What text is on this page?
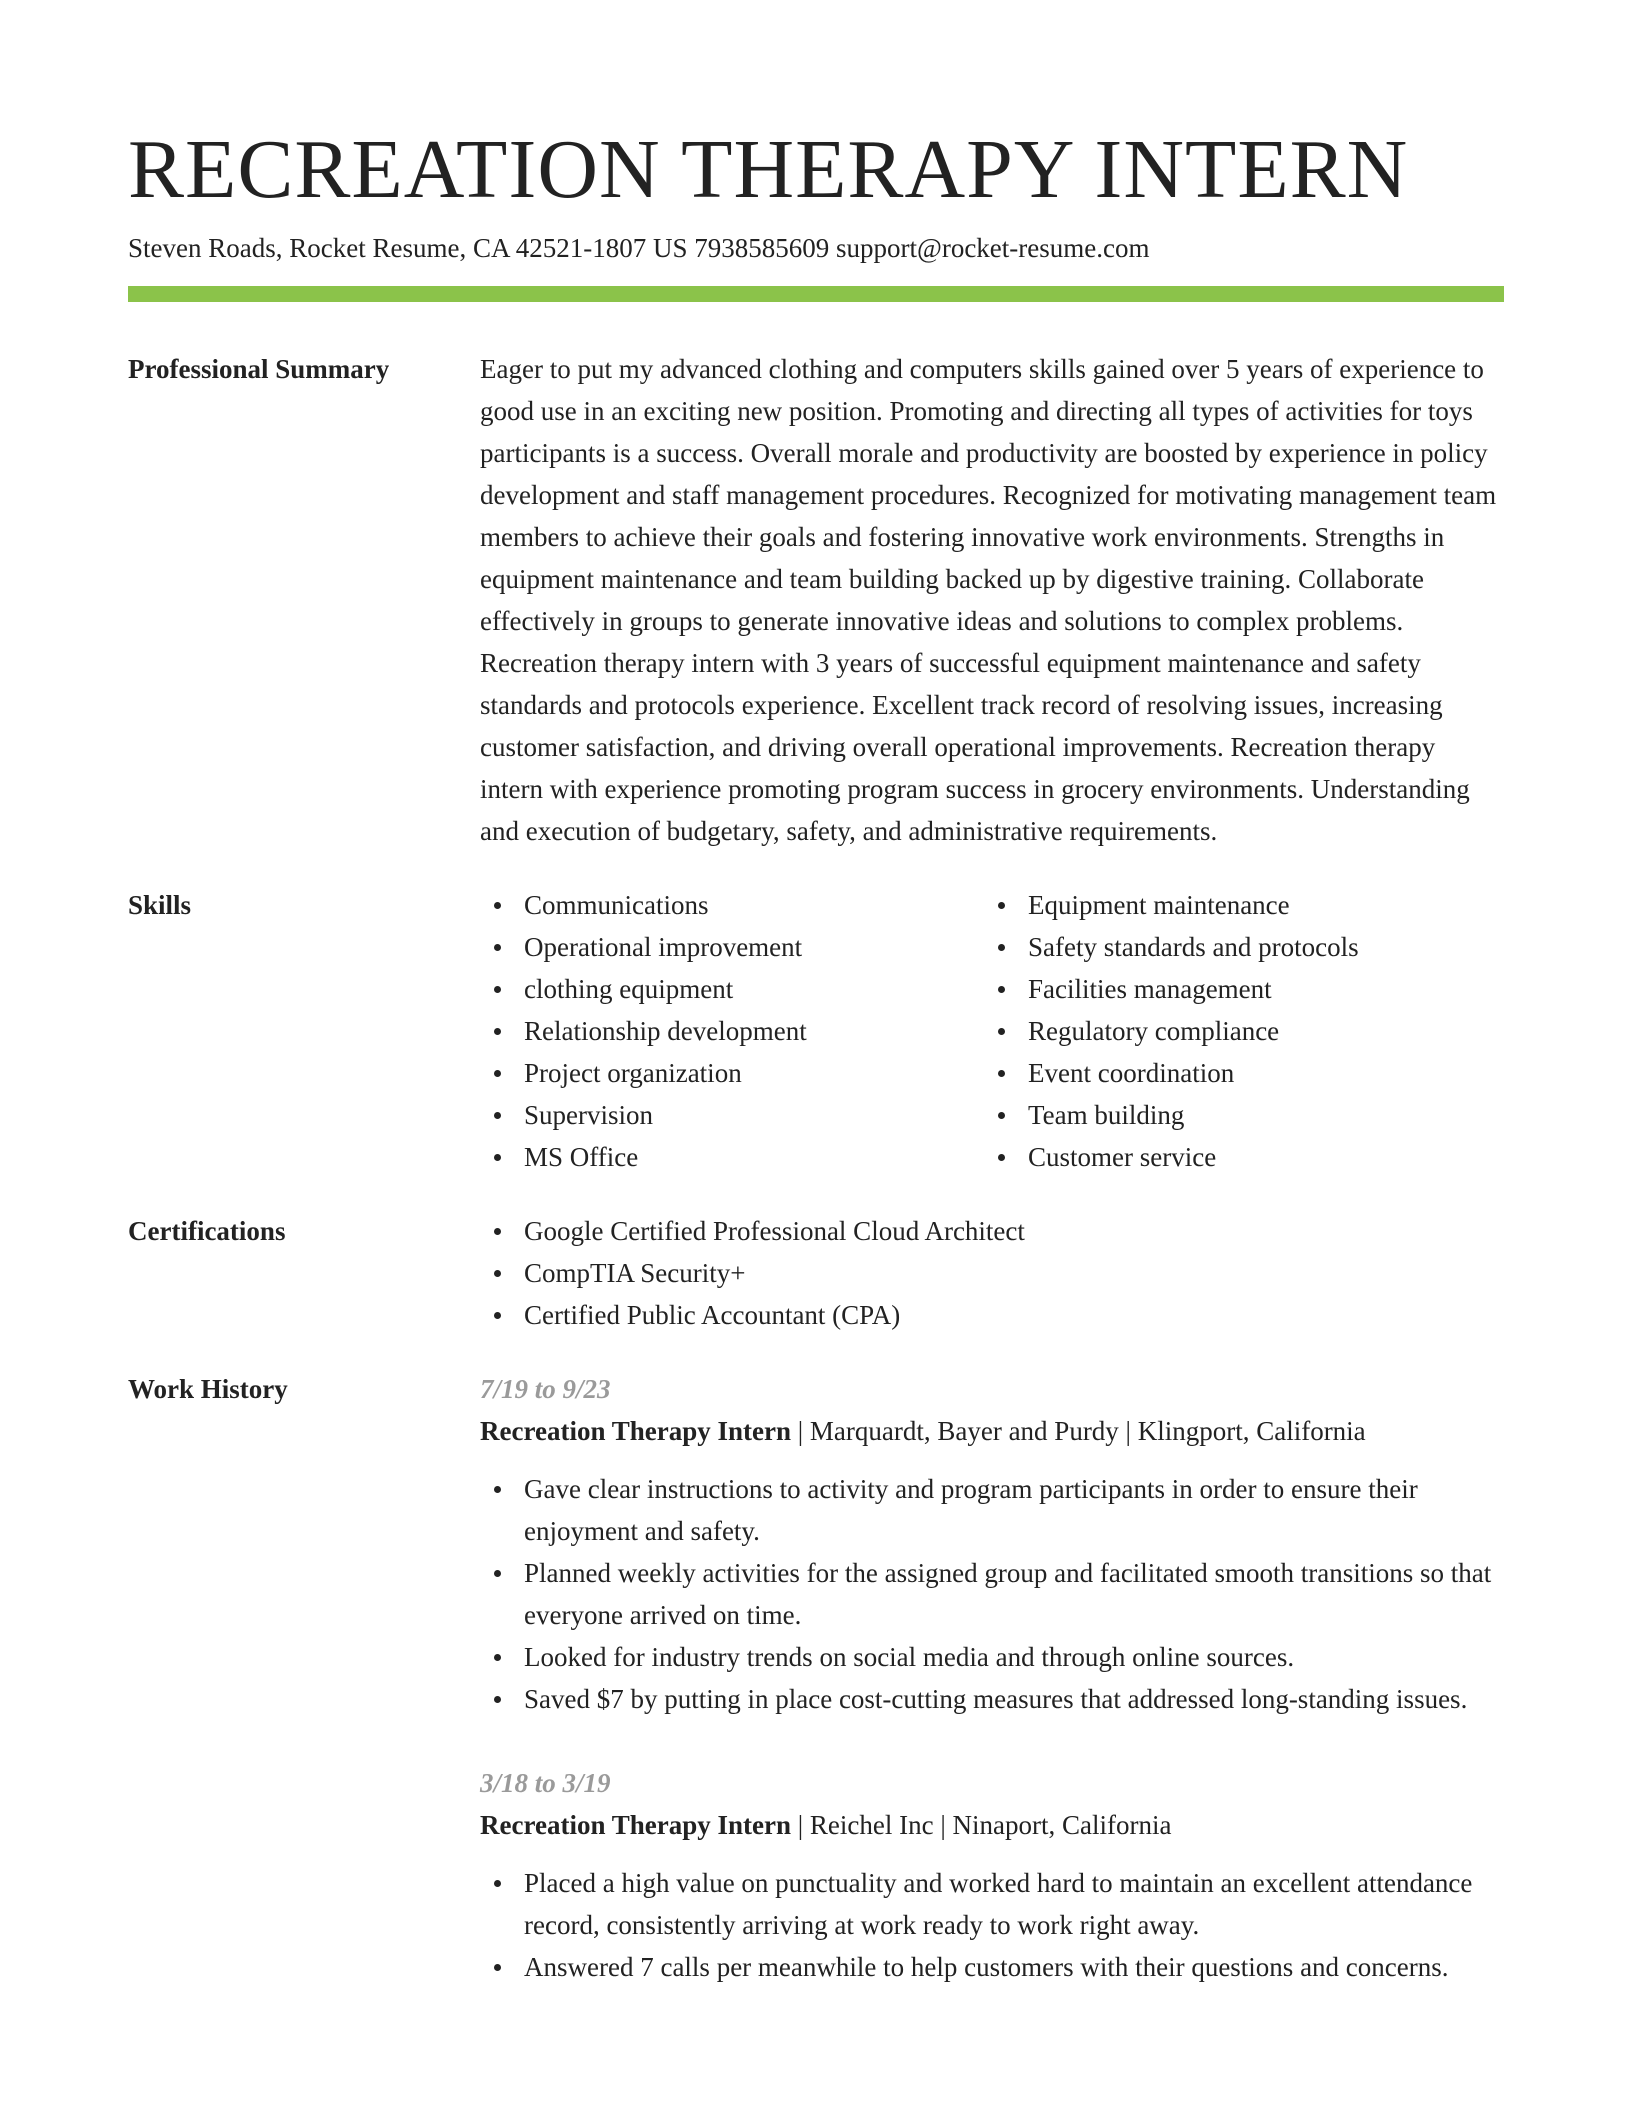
RECREATION THERAPY INTERN
Steven Roads, Rocket Resume, CA 42521-1807 US 7938585609 support@rocket-resume.com
Professional Summary	Eager to put my advanced clothing and computers skills gained over 5 years of experience to good use in an exciting new position. Promoting and directing all types of activities for toys participants is a success. Overall morale and productivity are boosted by experience in policy development and staff management procedures. Recognized for motivating management team members to achieve their goals and fostering innovative work environments. Strengths in equipment maintenance and team building backed up by digestive training. Collaborate effectively in groups to generate innovative ideas and solutions to complex problems. Recreation therapy intern with 3 years of successful equipment maintenance and safety standards and protocols experience. Excellent track record of resolving issues, increasing customer satisfaction, and driving overall operational improvements. Recreation therapy intern with experience promoting program success in grocery environments. Understanding and execution of budgetary, safety, and administrative requirements.

Skills	Communications
Operational improvement
clothing equipment
Relationship development
Project organization
Supervision
MS Office
Equipment maintenance
Safety standards and protocols
Facilities management
Regulatory compliance
Event coordination
Team building
Customer service
Certifications	Google Certified Professional Cloud Architect
CompTIA Security+
Certified Public Accountant (CPA)
Work History	7/19 to 9/23
Recreation Therapy Intern | Marquardt, Bayer and Purdy | Klingport, California
Gave clear instructions to activity and program participants in order to ensure their enjoyment and safety.
Planned weekly activities for the assigned group and facilitated smooth transitions so that everyone arrived on time.
Looked for industry trends on social media and through online sources.
Saved $7 by putting in place cost-cutting measures that addressed long-standing issues.
3/18 to 3/19
Recreation Therapy Intern | Reichel Inc | Ninaport, California
Placed a high value on punctuality and worked hard to maintain an excellent attendance record, consistently arriving at work ready to work right away.
Answered 7 calls per meanwhile to help customers with their questions and concerns.
